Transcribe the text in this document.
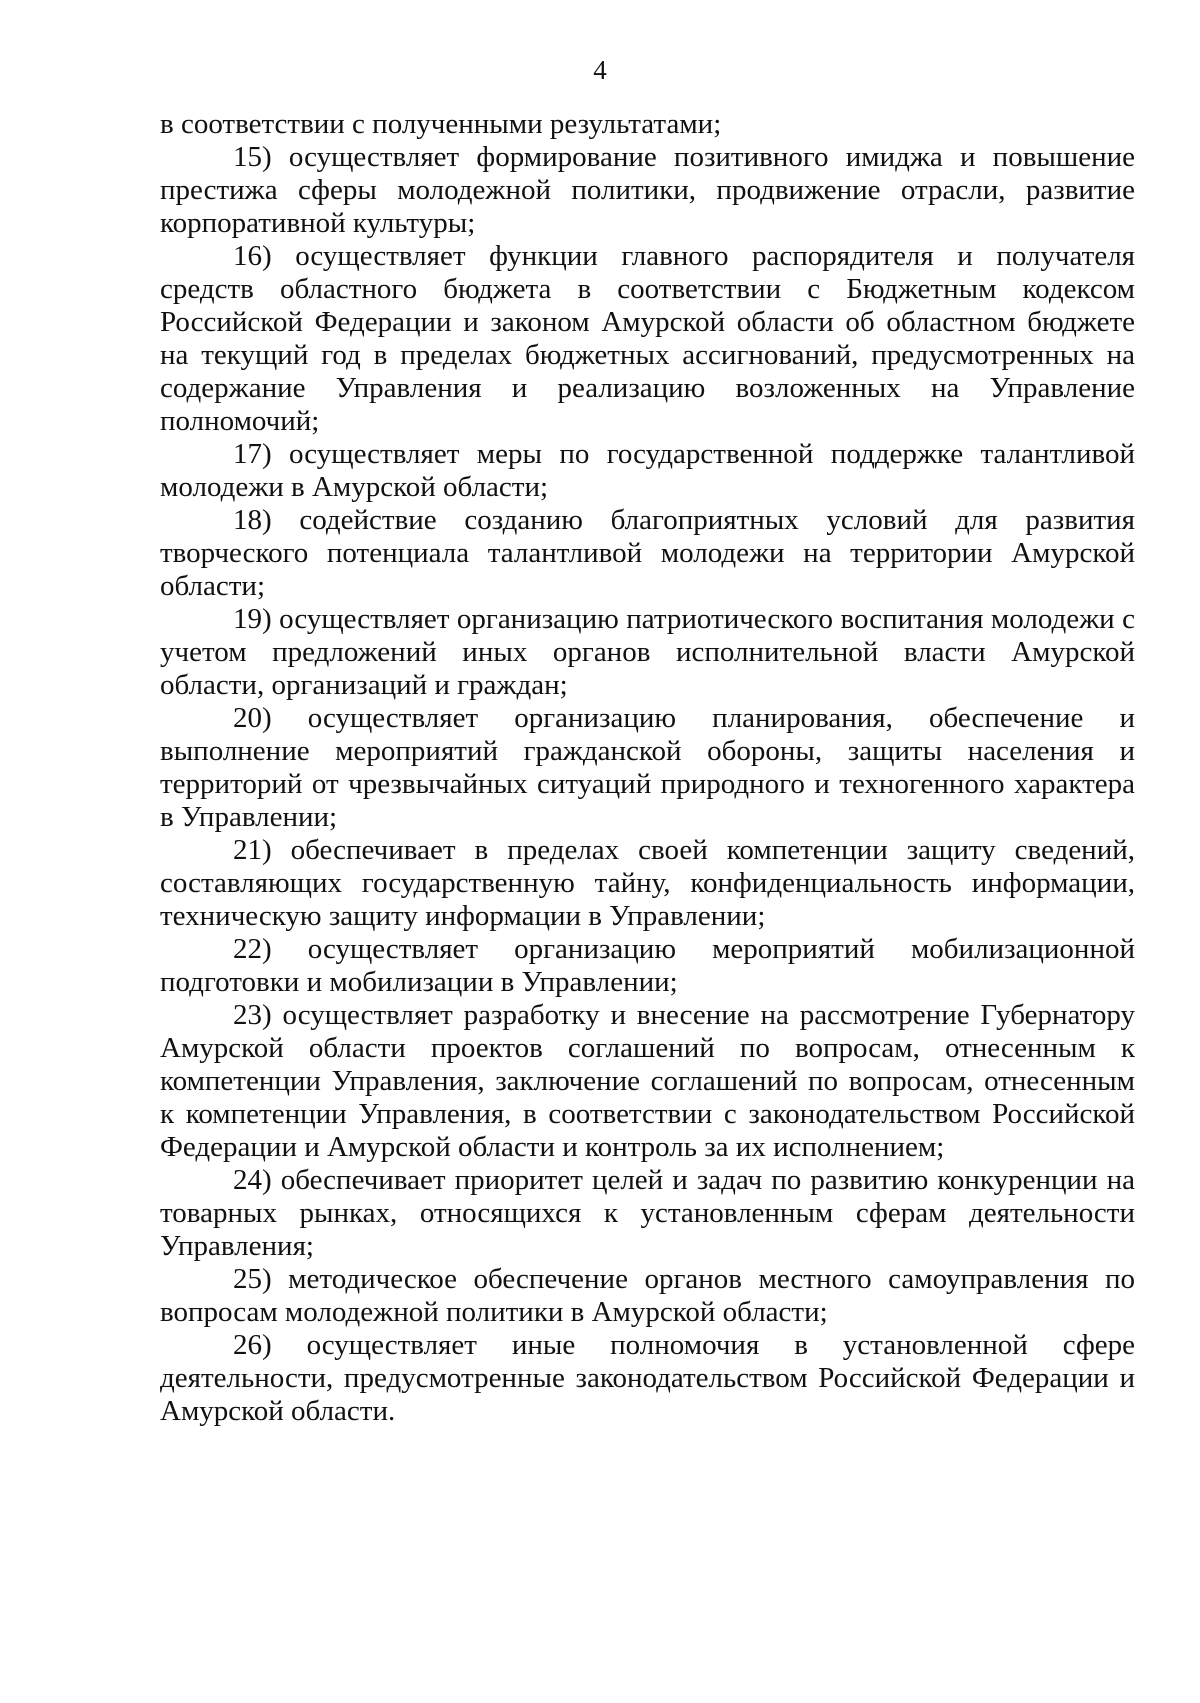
4

в соответствии с полученными результатами;

15) осуществляет формирование позитивного имиджа и повышение престижа сферы молодежной политики, продвижение отрасли, развитие корпоративной культуры;

16) осуществляет функции главного распорядителя и получателя средств областного бюджета в соответствии с Бюджетным кодексом Российской Федерации и законом Амурской области об областном бюджете на текущий год в пределах бюджетных ассигнований, предусмотренных на содержание Управления и реализацию возложенных на Управление полномочий;

17) осуществляет меры по государственной поддержке талантливой молодежи в Амурской области;

18) содействие созданию благоприятных условий для развития творческого потенциала талантливой молодежи на территории Амурской области;

19) осуществляет организацию патриотического воспитания молодежи с учетом предложений иных органов исполнительной власти Амурской области, организаций и граждан;

20) осуществляет организацию планирования, обеспечение и выполнение мероприятий гражданской обороны, защиты населения и территорий от чрезвычайных ситуаций природного и техногенного характера в Управлении;

21) обеспечивает в пределах своей компетенции защиту сведений, составляющих государственную тайну, конфиденциальность информации, техническую защиту информации в Управлении;

22) осуществляет организацию мероприятий мобилизационной подготовки и мобилизации в Управлении;

23) осуществляет разработку и внесение на рассмотрение Губернатору Амурской области проектов соглашений по вопросам, отнесенным к компетенции Управления, заключение соглашений по вопросам, отнесенным к компетенции Управления, в соответствии с законодательством Российской Федерации и Амурской области и контроль за их исполнением;

24) обеспечивает приоритет целей и задач по развитию конкуренции на товарных рынках, относящихся к установленным сферам деятельности Управления;

25) методическое обеспечение органов местного самоуправления по вопросам молодежной политики в Амурской области;

26) осуществляет иные полномочия в установленной сфере деятельности, предусмотренные законодательством Российской Федерации и Амурской области.
